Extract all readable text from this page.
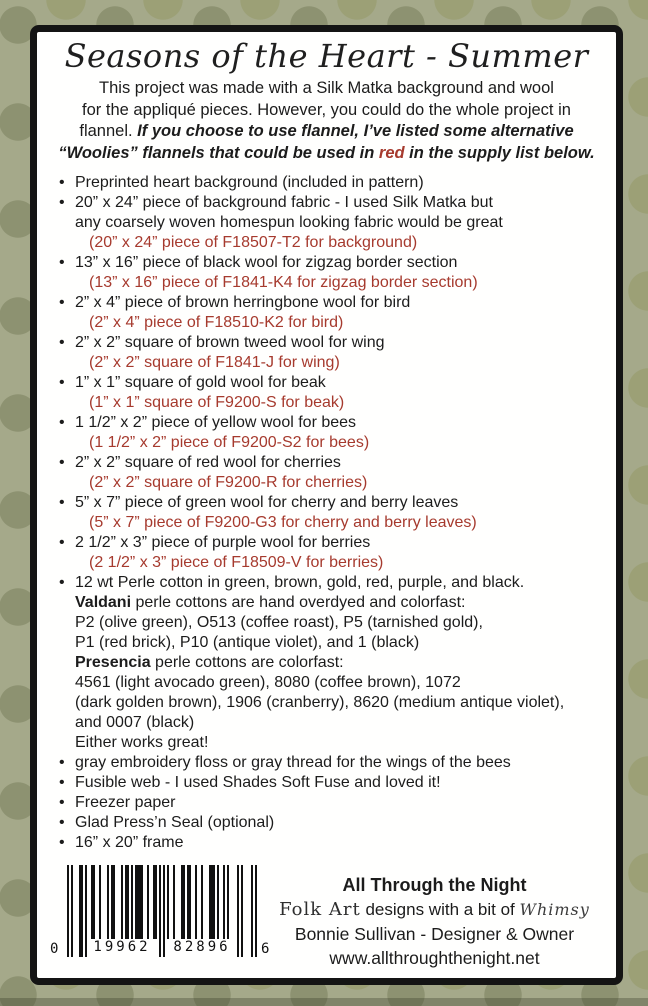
Seasons of the Heart - Summer
This project was made with a Silk Matka background and wool
for the appliqué pieces. However, you could do the whole project in
flannel. If you choose to use flannel, I’ve listed some alternative
“Woolies” flannels that could be used in red in the supply list below.
• Preprinted heart background (included in pattern)
• 20” x 24” piece of background fabric - I used Silk Matka but
any coarsely woven homespun looking fabric would be great
(20” x 24” piece of F18507-T2 for background)
• 13” x 16” piece of black wool for zigzag border section
(13” x 16” piece of F1841-K4 for zigzag border section)
• 2” x 4” piece of brown herringbone wool for bird
(2” x 4” piece of F18510-K2 for bird)
• 2” x 2” square of brown tweed wool for wing
(2” x 2” square of F1841-J for wing)
• 1” x 1” square of gold wool for beak
(1” x 1” square of F9200-S for beak)
• 1 1/2” x 2” piece of yellow wool for bees
(1 1/2” x 2” piece of F9200-S2 for bees)
• 2” x 2” square of red wool for cherries
(2” x 2” square of F9200-R for cherries)
• 5” x 7” piece of green wool for cherry and berry leaves
(5” x 7” piece of F9200-G3 for cherry and berry leaves)
• 2 1/2” x 3” piece of purple wool for berries
(2 1/2” x 3” piece of F18509-V for berries)
• 12 wt Perle cotton in green, brown, gold, red, purple, and black.
Valdani perle cottons are hand overdyed and colorfast:
P2 (olive green), O513 (coffee roast), P5 (tarnished gold),
P1 (red brick), P10 (antique violet), and 1 (black)
Presencia perle cottons are colorfast:
4561 (light avocado green), 8080 (coffee brown), 1072
(dark golden brown), 1906 (cranberry), 8620 (medium antique violet),
and 0007 (black)
Either works great!
• gray embroidery floss or gray thread for the wings of the bees
• Fusible web - I used Shades Soft Fuse and loved it!
• Freezer paper
• Glad Press’n Seal (optional)
• 16” x 20” frame
0	19962	82896	6
All Through the Night
Folk Art designs with a bit of Whimsy
Bonnie Sullivan - Designer & Owner
www.allthroughthenight.net
